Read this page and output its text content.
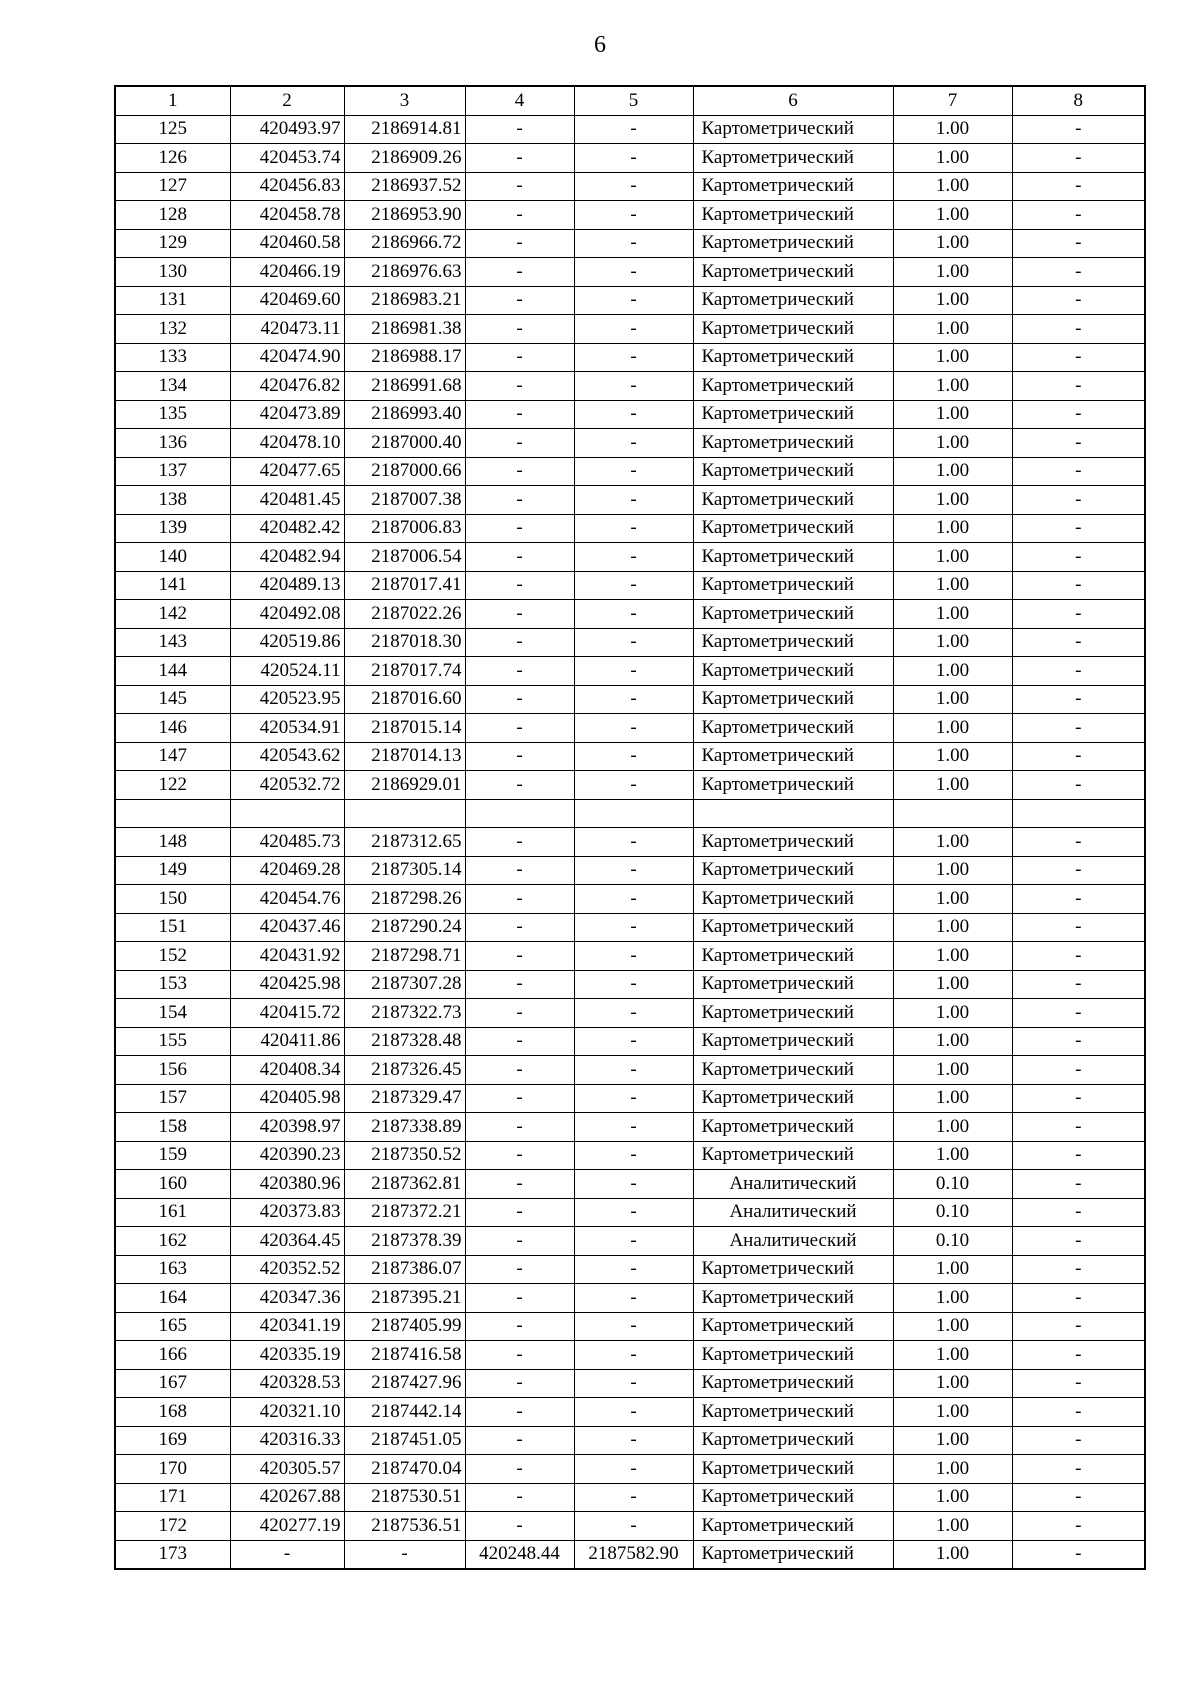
6
1	2	3	4	5	6	7	8
125	420493.97	2186914.81	-	-	Картометрический	1.00	-
126	420453.74	2186909.26	-	-	Картометрический	1.00	-
127	420456.83	2186937.52	-	-	Картометрический	1.00	-
128	420458.78	2186953.90	-	-	Картометрический	1.00	-
129	420460.58	2186966.72	-	-	Картометрический	1.00	-
130	420466.19	2186976.63	-	-	Картометрический	1.00	-
131	420469.60	2186983.21	-	-	Картометрический	1.00	-
132	420473.11	2186981.38	-	-	Картометрический	1.00	-
133	420474.90	2186988.17	-	-	Картометрический	1.00	-
134	420476.82	2186991.68	-	-	Картометрический	1.00	-
135	420473.89	2186993.40	-	-	Картометрический	1.00	-
136	420478.10	2187000.40	-	-	Картометрический	1.00	-
137	420477.65	2187000.66	-	-	Картометрический	1.00	-
138	420481.45	2187007.38	-	-	Картометрический	1.00	-
139	420482.42	2187006.83	-	-	Картометрический	1.00	-
140	420482.94	2187006.54	-	-	Картометрический	1.00	-
141	420489.13	2187017.41	-	-	Картометрический	1.00	-
142	420492.08	2187022.26	-	-	Картометрический	1.00	-
143	420519.86	2187018.30	-	-	Картометрический	1.00	-
144	420524.11	2187017.74	-	-	Картометрический	1.00	-
145	420523.95	2187016.60	-	-	Картометрический	1.00	-
146	420534.91	2187015.14	-	-	Картометрический	1.00	-
147	420543.62	2187014.13	-	-	Картометрический	1.00	-
122	420532.72	2186929.01	-	-	Картометрический	1.00	-

148	420485.73	2187312.65	-	-	Картометрический	1.00	-
149	420469.28	2187305.14	-	-	Картометрический	1.00	-
150	420454.76	2187298.26	-	-	Картометрический	1.00	-
151	420437.46	2187290.24	-	-	Картометрический	1.00	-
152	420431.92	2187298.71	-	-	Картометрический	1.00	-
153	420425.98	2187307.28	-	-	Картометрический	1.00	-
154	420415.72	2187322.73	-	-	Картометрический	1.00	-
155	420411.86	2187328.48	-	-	Картометрический	1.00	-
156	420408.34	2187326.45	-	-	Картометрический	1.00	-
157	420405.98	2187329.47	-	-	Картометрический	1.00	-
158	420398.97	2187338.89	-	-	Картометрический	1.00	-
159	420390.23	2187350.52	-	-	Картометрический	1.00	-
160	420380.96	2187362.81	-	-	Аналитический	0.10	-
161	420373.83	2187372.21	-	-	Аналитический	0.10	-
162	420364.45	2187378.39	-	-	Аналитический	0.10	-
163	420352.52	2187386.07	-	-	Картометрический	1.00	-
164	420347.36	2187395.21	-	-	Картометрический	1.00	-
165	420341.19	2187405.99	-	-	Картометрический	1.00	-
166	420335.19	2187416.58	-	-	Картометрический	1.00	-
167	420328.53	2187427.96	-	-	Картометрический	1.00	-
168	420321.10	2187442.14	-	-	Картометрический	1.00	-
169	420316.33	2187451.05	-	-	Картометрический	1.00	-
170	420305.57	2187470.04	-	-	Картометрический	1.00	-
171	420267.88	2187530.51	-	-	Картометрический	1.00	-
172	420277.19	2187536.51	-	-	Картометрический	1.00	-
173	-	-	420248.44	2187582.90	Картометрический	1.00	-
